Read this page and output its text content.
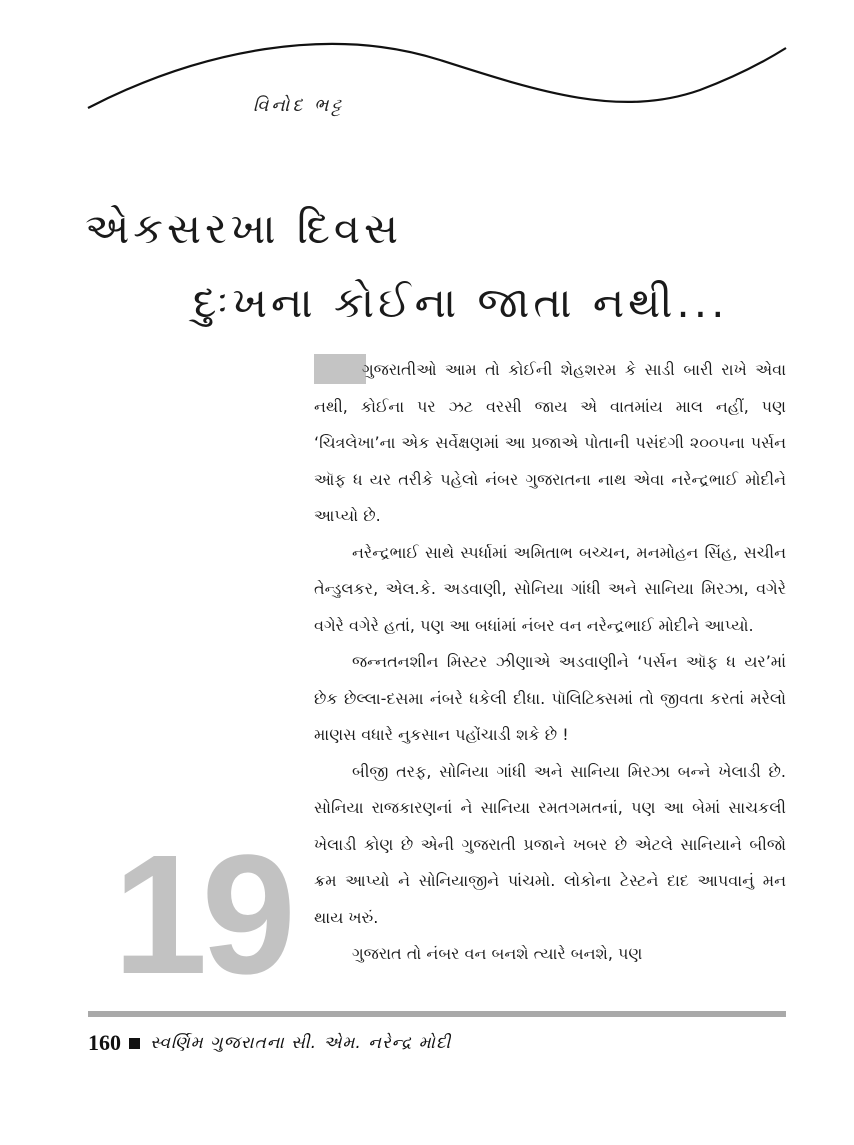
વિનોદ ભટ્ટ
એકસરખા દિવસ
દુઃખના કોઈના જાતા નથી...

ગુજરાતીઓ આમ તો કોઈની શેહશરમ કે સાડી બારી રાખે એવા નથી, કોઈના પર ઝટ વરસી જાય એ વાતમાંય માલ નહીં, પણ ‘ચિત્રલેખા’ના એક સર્વેક્ષણમાં આ પ્રજાએ પોતાની પસંદગી ૨૦૦૫ના પર્સન ઑફ ધ યર તરીકે પહેલો નંબર ગુજરાતના નાથ એવા નરેન્દ્રભાઈ મોદીને આપ્યો છે.

નરેન્દ્રભાઈ સાથે સ્પર્ધામાં અમિતાભ બચ્ચન, મનમોહન સિંહ, સચીન તેન્ડુલકર, એલ.કે. અડવાણી, સોનિયા ગાંધી અને સાનિયા મિરઝા, વગેરે વગેરે વગેરે હતાં, પણ આ બધાંમાં નંબર વન નરેન્દ્રભાઈ મોદીને આપ્યો.

જન્નતનશીન મિસ્ટર ઝીણાએ અડવાણીને ‘પર્સન ઑફ ધ યર’માં છેક છેલ્લા-દસમા નંબરે ધકેલી દીધા. પૉલિટિક્સમાં તો જીવતા કરતાં મરેલો માણસ વધારે નુકસાન પહોંચાડી શકે છે !

બીજી તરફ, સોનિયા ગાંધી અને સાનિયા મિરઝા બન્ને ખેલાડી છે. સોનિયા રાજકારણનાં ને સાનિયા રમતગમતનાં, પણ આ બેમાં સાચકલી ખેલાડી કોણ છે એની ગુજરાતી પ્રજાને ખબર છે એટલે સાનિયાને બીજો ક્રમ આપ્યો ને સોનિયાજીને પાંચમો. લોકોના ટેસ્ટને દાદ આપવાનું મન થાય ખરું.

ગુજરાત તો નંબર વન બનશે ત્યારે બનશે, પણ

19
160 સ્વર્ણિમ ગુજરાતના સી. એમ. નરેન્દ્ર મોદી
